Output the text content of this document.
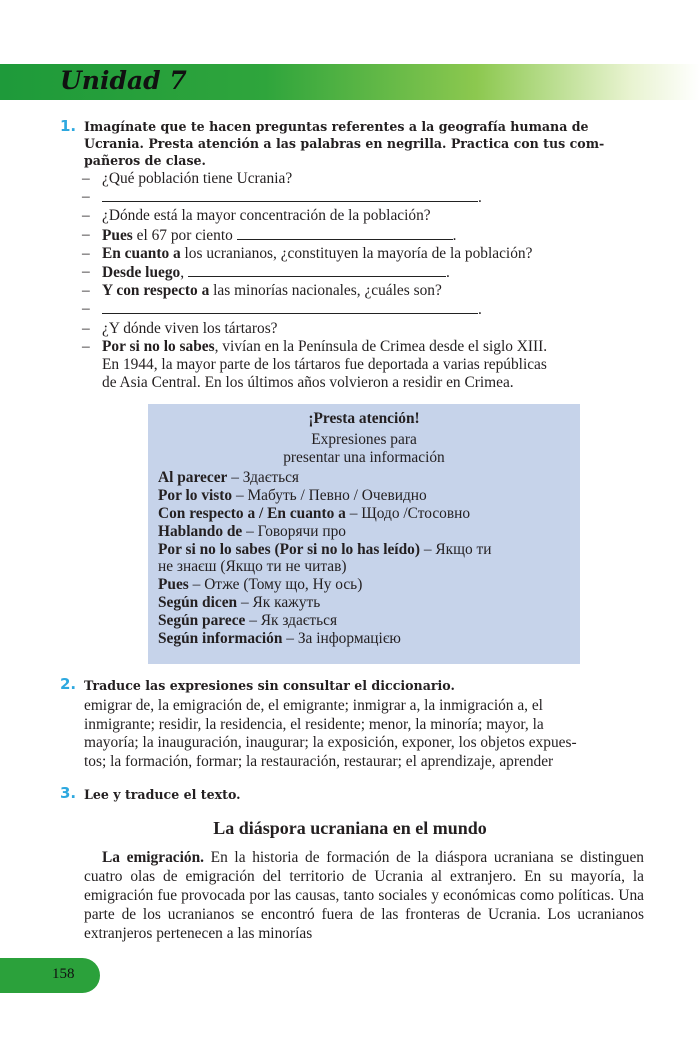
Unidad 7
1. Imagínate que te hacen preguntas referentes a la geografía humana de
Ucrania. Presta atención a las palabras en negrilla. Practica con tus com-
pañeros de clase.
– ¿Qué población tiene Ucrania?
–	.
– ¿Dónde está la mayor concentración de la población?
– Pues el 67 por ciento	.
– En cuanto a los ucranianos, ¿constituyen la mayoría de la población?
– Desde luego,	.
– Y con respecto a las minorías nacionales, ¿cuáles son?
–	.
– ¿Y dónde viven los tártaros?
– Por si no lo sabes, vivían en la Península de Crimea desde el siglo XIII.
En 1944, la mayor parte de los tártaros fue deportada a varias repúblicas
de Asia Central. En los últimos años volvieron a residir en Crimea.
¡Presta atención!
Expresiones para
presentar una información
Al parecer – Здається
Por lo visto – Мабуть / Певно / Очевидно
Con respecto a / En cuanto a – Щодо /Стосовно
Hablando de – Говорячи про
Por si no lo sabes (Por si no lo has leído) – Якщо ти
не знаєш (Якщо ти не читав)
Pues – Отже (Тому що, Ну ось)
Según dicen – Як кажуть
Según parece – Як здається
Según información – За інформацією
2. Traduce las expresiones sin consultar el diccionario.
emigrar de, la emigración de, el emigrante; inmigrar a, la inmigración a, el
inmigrante; residir, la residencia, el residente; menor, la minoría; mayor, la
mayoría; la inauguración, inaugurar; la exposición, exponer, los objetos expues-
tos; la formación, formar; la restauración, restaurar; el aprendizaje, aprender
3. Lee y traduce el texto.
La diáspora ucraniana en el mundo

La emigración. En la historia de formación de la diáspora ucraniana se distinguen cuatro olas de emigración del territorio de Ucrania al extranjero. En su mayoría, la emigración fue provocada por las causas, tanto sociales y económicas como políticas. Una parte de los ucranianos se encontró fuera de las fronteras de Ucrania. Los ucranianos extranjeros pertenecen a las minorías

158
